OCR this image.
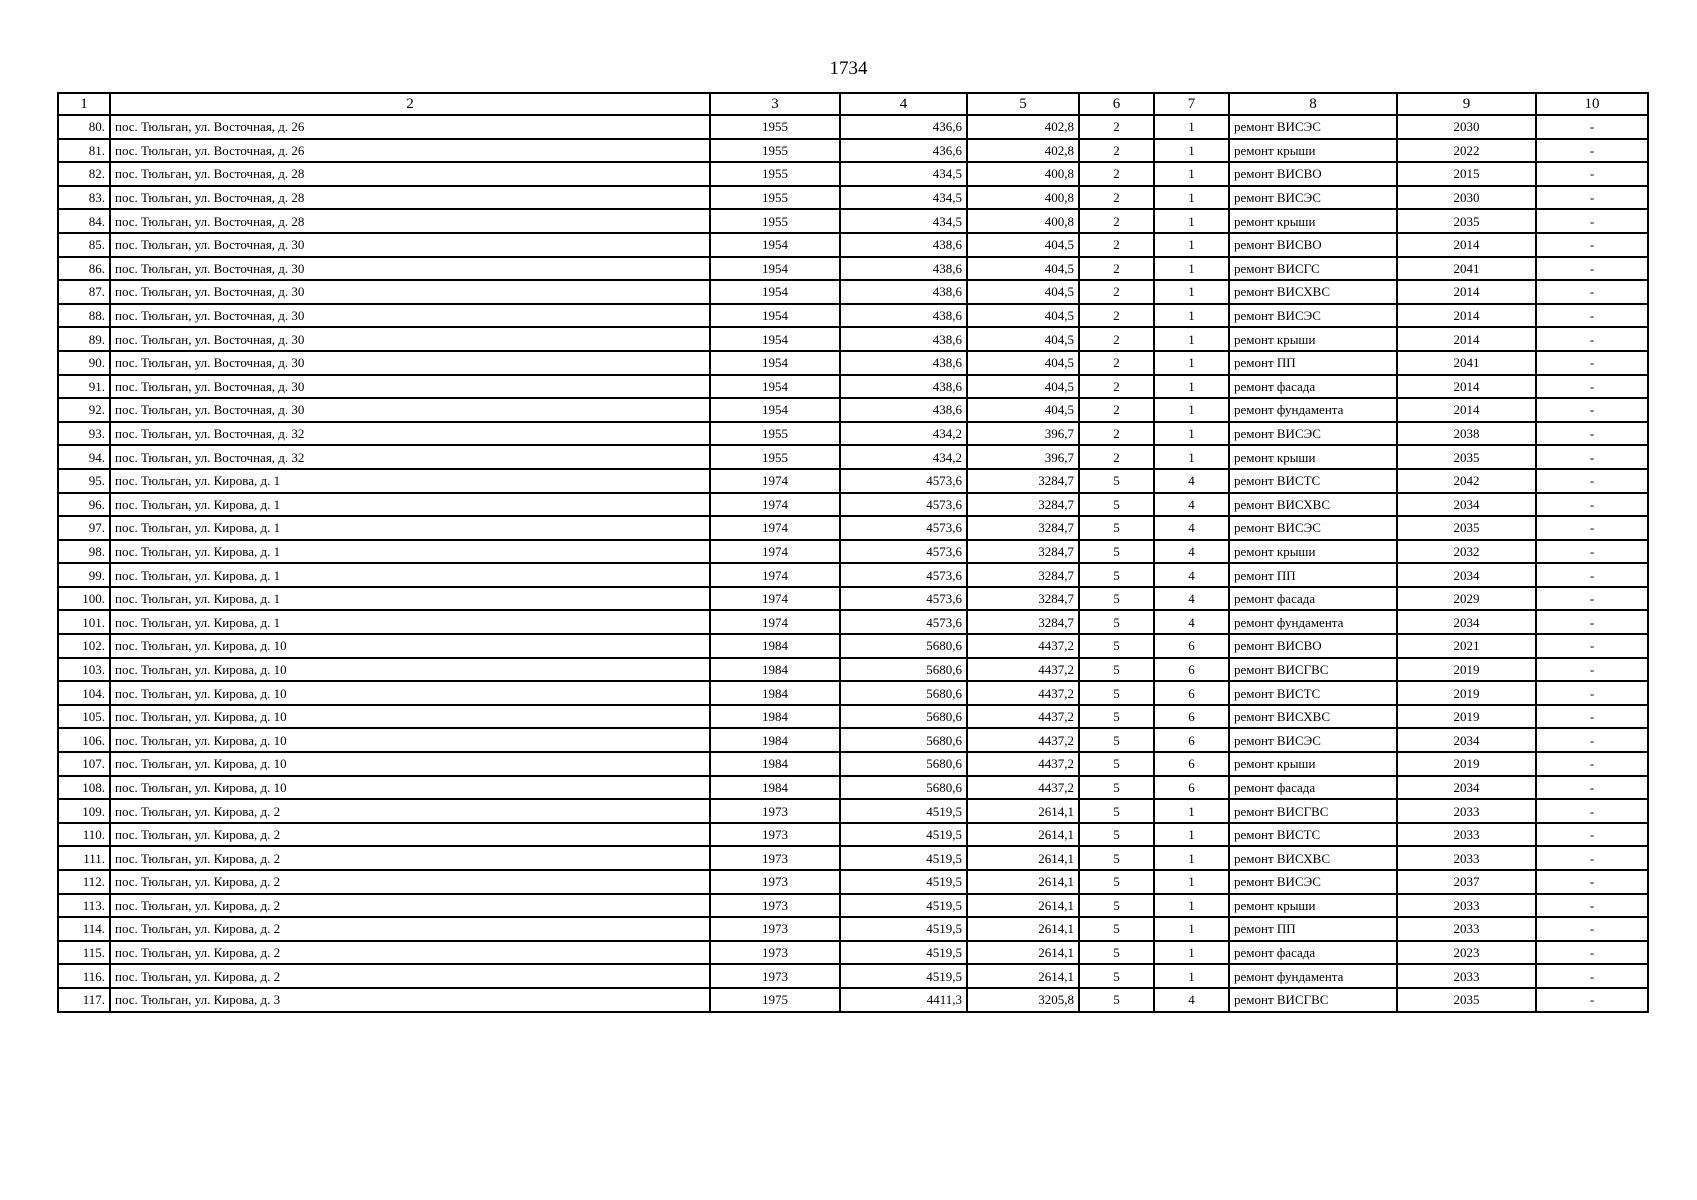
1734
1	2	3	4	5	6	7	8	9	10
80.	пос. Тюльган, ул. Восточная, д. 26	1955	436,6	402,8	2	1	ремонт ВИСЭС	2030	-
81.	пос. Тюльган, ул. Восточная, д. 26	1955	436,6	402,8	2	1	ремонт крыши	2022	-
82.	пос. Тюльган, ул. Восточная, д. 28	1955	434,5	400,8	2	1	ремонт ВИСВО	2015	-
83.	пос. Тюльган, ул. Восточная, д. 28	1955	434,5	400,8	2	1	ремонт ВИСЭС	2030	-
84.	пос. Тюльган, ул. Восточная, д. 28	1955	434,5	400,8	2	1	ремонт крыши	2035	-
85.	пос. Тюльган, ул. Восточная, д. 30	1954	438,6	404,5	2	1	ремонт ВИСВО	2014	-
86.	пос. Тюльган, ул. Восточная, д. 30	1954	438,6	404,5	2	1	ремонт ВИСГС	2041	-
87.	пос. Тюльган, ул. Восточная, д. 30	1954	438,6	404,5	2	1	ремонт ВИСХВС	2014	-
88.	пос. Тюльган, ул. Восточная, д. 30	1954	438,6	404,5	2	1	ремонт ВИСЭС	2014	-
89.	пос. Тюльган, ул. Восточная, д. 30	1954	438,6	404,5	2	1	ремонт крыши	2014	-
90.	пос. Тюльган, ул. Восточная, д. 30	1954	438,6	404,5	2	1	ремонт ПП	2041	-
91.	пос. Тюльган, ул. Восточная, д. 30	1954	438,6	404,5	2	1	ремонт фасада	2014	-
92.	пос. Тюльган, ул. Восточная, д. 30	1954	438,6	404,5	2	1	ремонт фундамента	2014	-
93.	пос. Тюльган, ул. Восточная, д. 32	1955	434,2	396,7	2	1	ремонт ВИСЭС	2038	-
94.	пос. Тюльган, ул. Восточная, д. 32	1955	434,2	396,7	2	1	ремонт крыши	2035	-
95.	пос. Тюльган, ул. Кирова, д. 1	1974	4573,6	3284,7	5	4	ремонт ВИСТС	2042	-
96.	пос. Тюльган, ул. Кирова, д. 1	1974	4573,6	3284,7	5	4	ремонт ВИСХВС	2034	-
97.	пос. Тюльган, ул. Кирова, д. 1	1974	4573,6	3284,7	5	4	ремонт ВИСЭС	2035	-
98.	пос. Тюльган, ул. Кирова, д. 1	1974	4573,6	3284,7	5	4	ремонт крыши	2032	-
99.	пос. Тюльган, ул. Кирова, д. 1	1974	4573,6	3284,7	5	4	ремонт ПП	2034	-
100.	пос. Тюльган, ул. Кирова, д. 1	1974	4573,6	3284,7	5	4	ремонт фасада	2029	-
101.	пос. Тюльган, ул. Кирова, д. 1	1974	4573,6	3284,7	5	4	ремонт фундамента	2034	-
102.	пос. Тюльган, ул. Кирова, д. 10	1984	5680,6	4437,2	5	6	ремонт ВИСВО	2021	-
103.	пос. Тюльган, ул. Кирова, д. 10	1984	5680,6	4437,2	5	6	ремонт ВИСГВС	2019	-
104.	пос. Тюльган, ул. Кирова, д. 10	1984	5680,6	4437,2	5	6	ремонт ВИСТС	2019	-
105.	пос. Тюльган, ул. Кирова, д. 10	1984	5680,6	4437,2	5	6	ремонт ВИСХВС	2019	-
106.	пос. Тюльган, ул. Кирова, д. 10	1984	5680,6	4437,2	5	6	ремонт ВИСЭС	2034	-
107.	пос. Тюльган, ул. Кирова, д. 10	1984	5680,6	4437,2	5	6	ремонт крыши	2019	-
108.	пос. Тюльган, ул. Кирова, д. 10	1984	5680,6	4437,2	5	6	ремонт фасада	2034	-
109.	пос. Тюльган, ул. Кирова, д. 2	1973	4519,5	2614,1	5	1	ремонт ВИСГВС	2033	-
110.	пос. Тюльган, ул. Кирова, д. 2	1973	4519,5	2614,1	5	1	ремонт ВИСТС	2033	-
111.	пос. Тюльган, ул. Кирова, д. 2	1973	4519,5	2614,1	5	1	ремонт ВИСХВС	2033	-
112.	пос. Тюльган, ул. Кирова, д. 2	1973	4519,5	2614,1	5	1	ремонт ВИСЭС	2037	-
113.	пос. Тюльган, ул. Кирова, д. 2	1973	4519,5	2614,1	5	1	ремонт крыши	2033	-
114.	пос. Тюльган, ул. Кирова, д. 2	1973	4519,5	2614,1	5	1	ремонт ПП	2033	-
115.	пос. Тюльган, ул. Кирова, д. 2	1973	4519,5	2614,1	5	1	ремонт фасада	2023	-
116.	пос. Тюльган, ул. Кирова, д. 2	1973	4519,5	2614,1	5	1	ремонт фундамента	2033	-
117.	пос. Тюльган, ул. Кирова, д. 3	1975	4411,3	3205,8	5	4	ремонт ВИСГВС	2035	-
